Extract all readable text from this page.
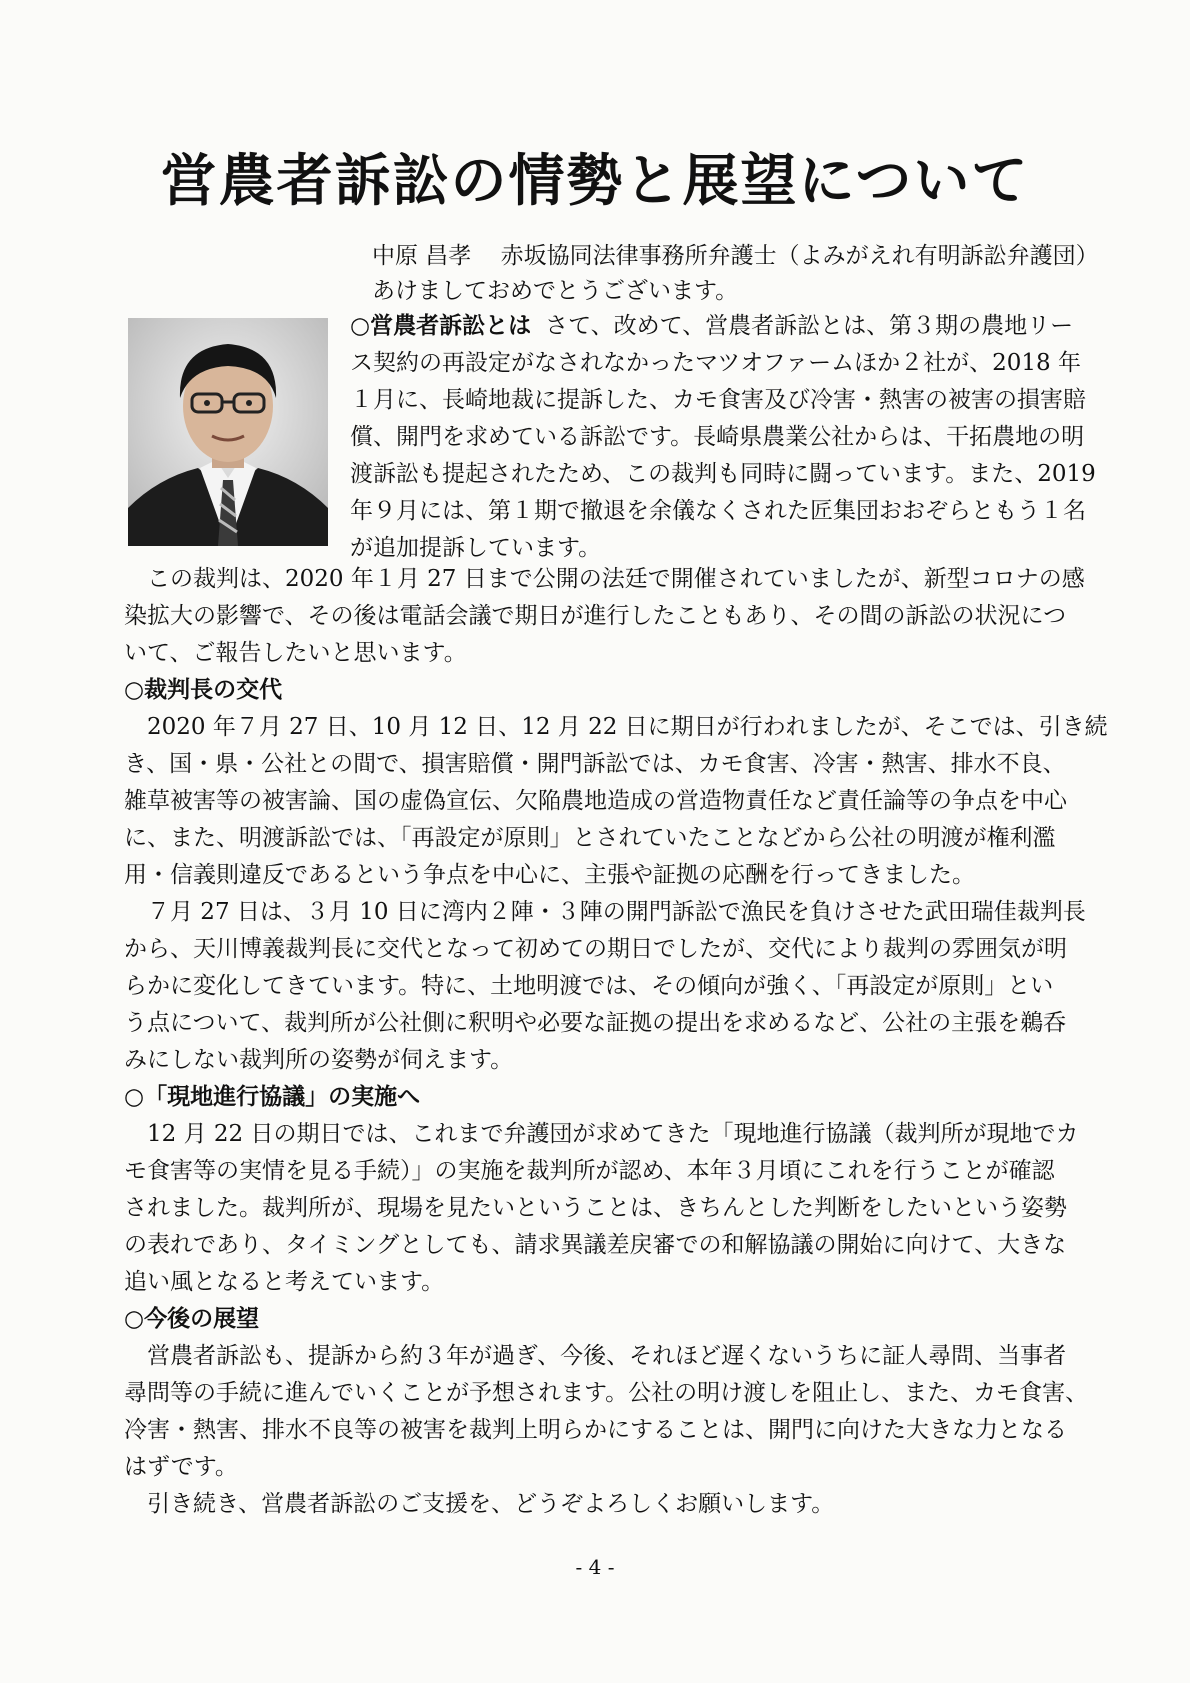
営農者訴訟の情勢と展望について
中原 昌孝 赤坂協同法律事務所弁護士（よみがえれ有明訴訟弁護団）
あけましておめでとうございます。
○営農者訴訟とは さて、改めて、営農者訴訟とは、第３期の農地リー
ス契約の再設定がなされなかったマツオファームほか２社が、2018 年
１月に、長崎地裁に提訴した、カモ食害及び冷害・熱害の被害の損害賠
償、開門を求めている訴訟です。長崎県農業公社からは、干拓農地の明
渡訴訟も提起されたため、この裁判も同時に闘っています。また、2019
年９月には、第１期で撤退を余儀なくされた匠集団おおぞらともう１名
が追加提訴しています。
　この裁判は、2020 年１月 27 日まで公開の法廷で開催されていましたが、新型コロナの感
染拡大の影響で、その後は電話会議で期日が進行したこともあり、その間の訴訟の状況につ
いて、ご報告したいと思います。
○裁判長の交代
　2020 年７月 27 日、10 月 12 日、12 月 22 日に期日が行われましたが、そこでは、引き続
き、国・県・公社との間で、損害賠償・開門訴訟では、カモ食害、冷害・熱害、排水不良、
雑草被害等の被害論、国の虚偽宣伝、欠陥農地造成の営造物責任など責任論等の争点を中心
に、また、明渡訴訟では、「再設定が原則」とされていたことなどから公社の明渡が権利濫
用・信義則違反であるという争点を中心に、主張や証拠の応酬を行ってきました。
　７月 27 日は、３月 10 日に湾内２陣・３陣の開門訴訟で漁民を負けさせた武田瑞佳裁判長
から、天川博義裁判長に交代となって初めての期日でしたが、交代により裁判の雰囲気が明
らかに変化してきています。特に、土地明渡では、その傾向が強く、「再設定が原則」とい
う点について、裁判所が公社側に釈明や必要な証拠の提出を求めるなど、公社の主張を鵜呑
みにしない裁判所の姿勢が伺えます。
○「現地進行協議」の実施へ
　12 月 22 日の期日では、これまで弁護団が求めてきた「現地進行協議（裁判所が現地でカ
モ食害等の実情を見る手続）」の実施を裁判所が認め、本年３月頃にこれを行うことが確認
されました。裁判所が、現場を見たいということは、きちんとした判断をしたいという姿勢
の表れであり、タイミングとしても、請求異議差戻審での和解協議の開始に向けて、大きな
追い風となると考えています。
○今後の展望
　営農者訴訟も、提訴から約３年が過ぎ、今後、それほど遅くないうちに証人尋問、当事者
尋問等の手続に進んでいくことが予想されます。公社の明け渡しを阻止し、また、カモ食害、
冷害・熱害、排水不良等の被害を裁判上明らかにすることは、開門に向けた大きな力となる
はずです。
　引き続き、営農者訴訟のご支援を、どうぞよろしくお願いします。
- 4 -
